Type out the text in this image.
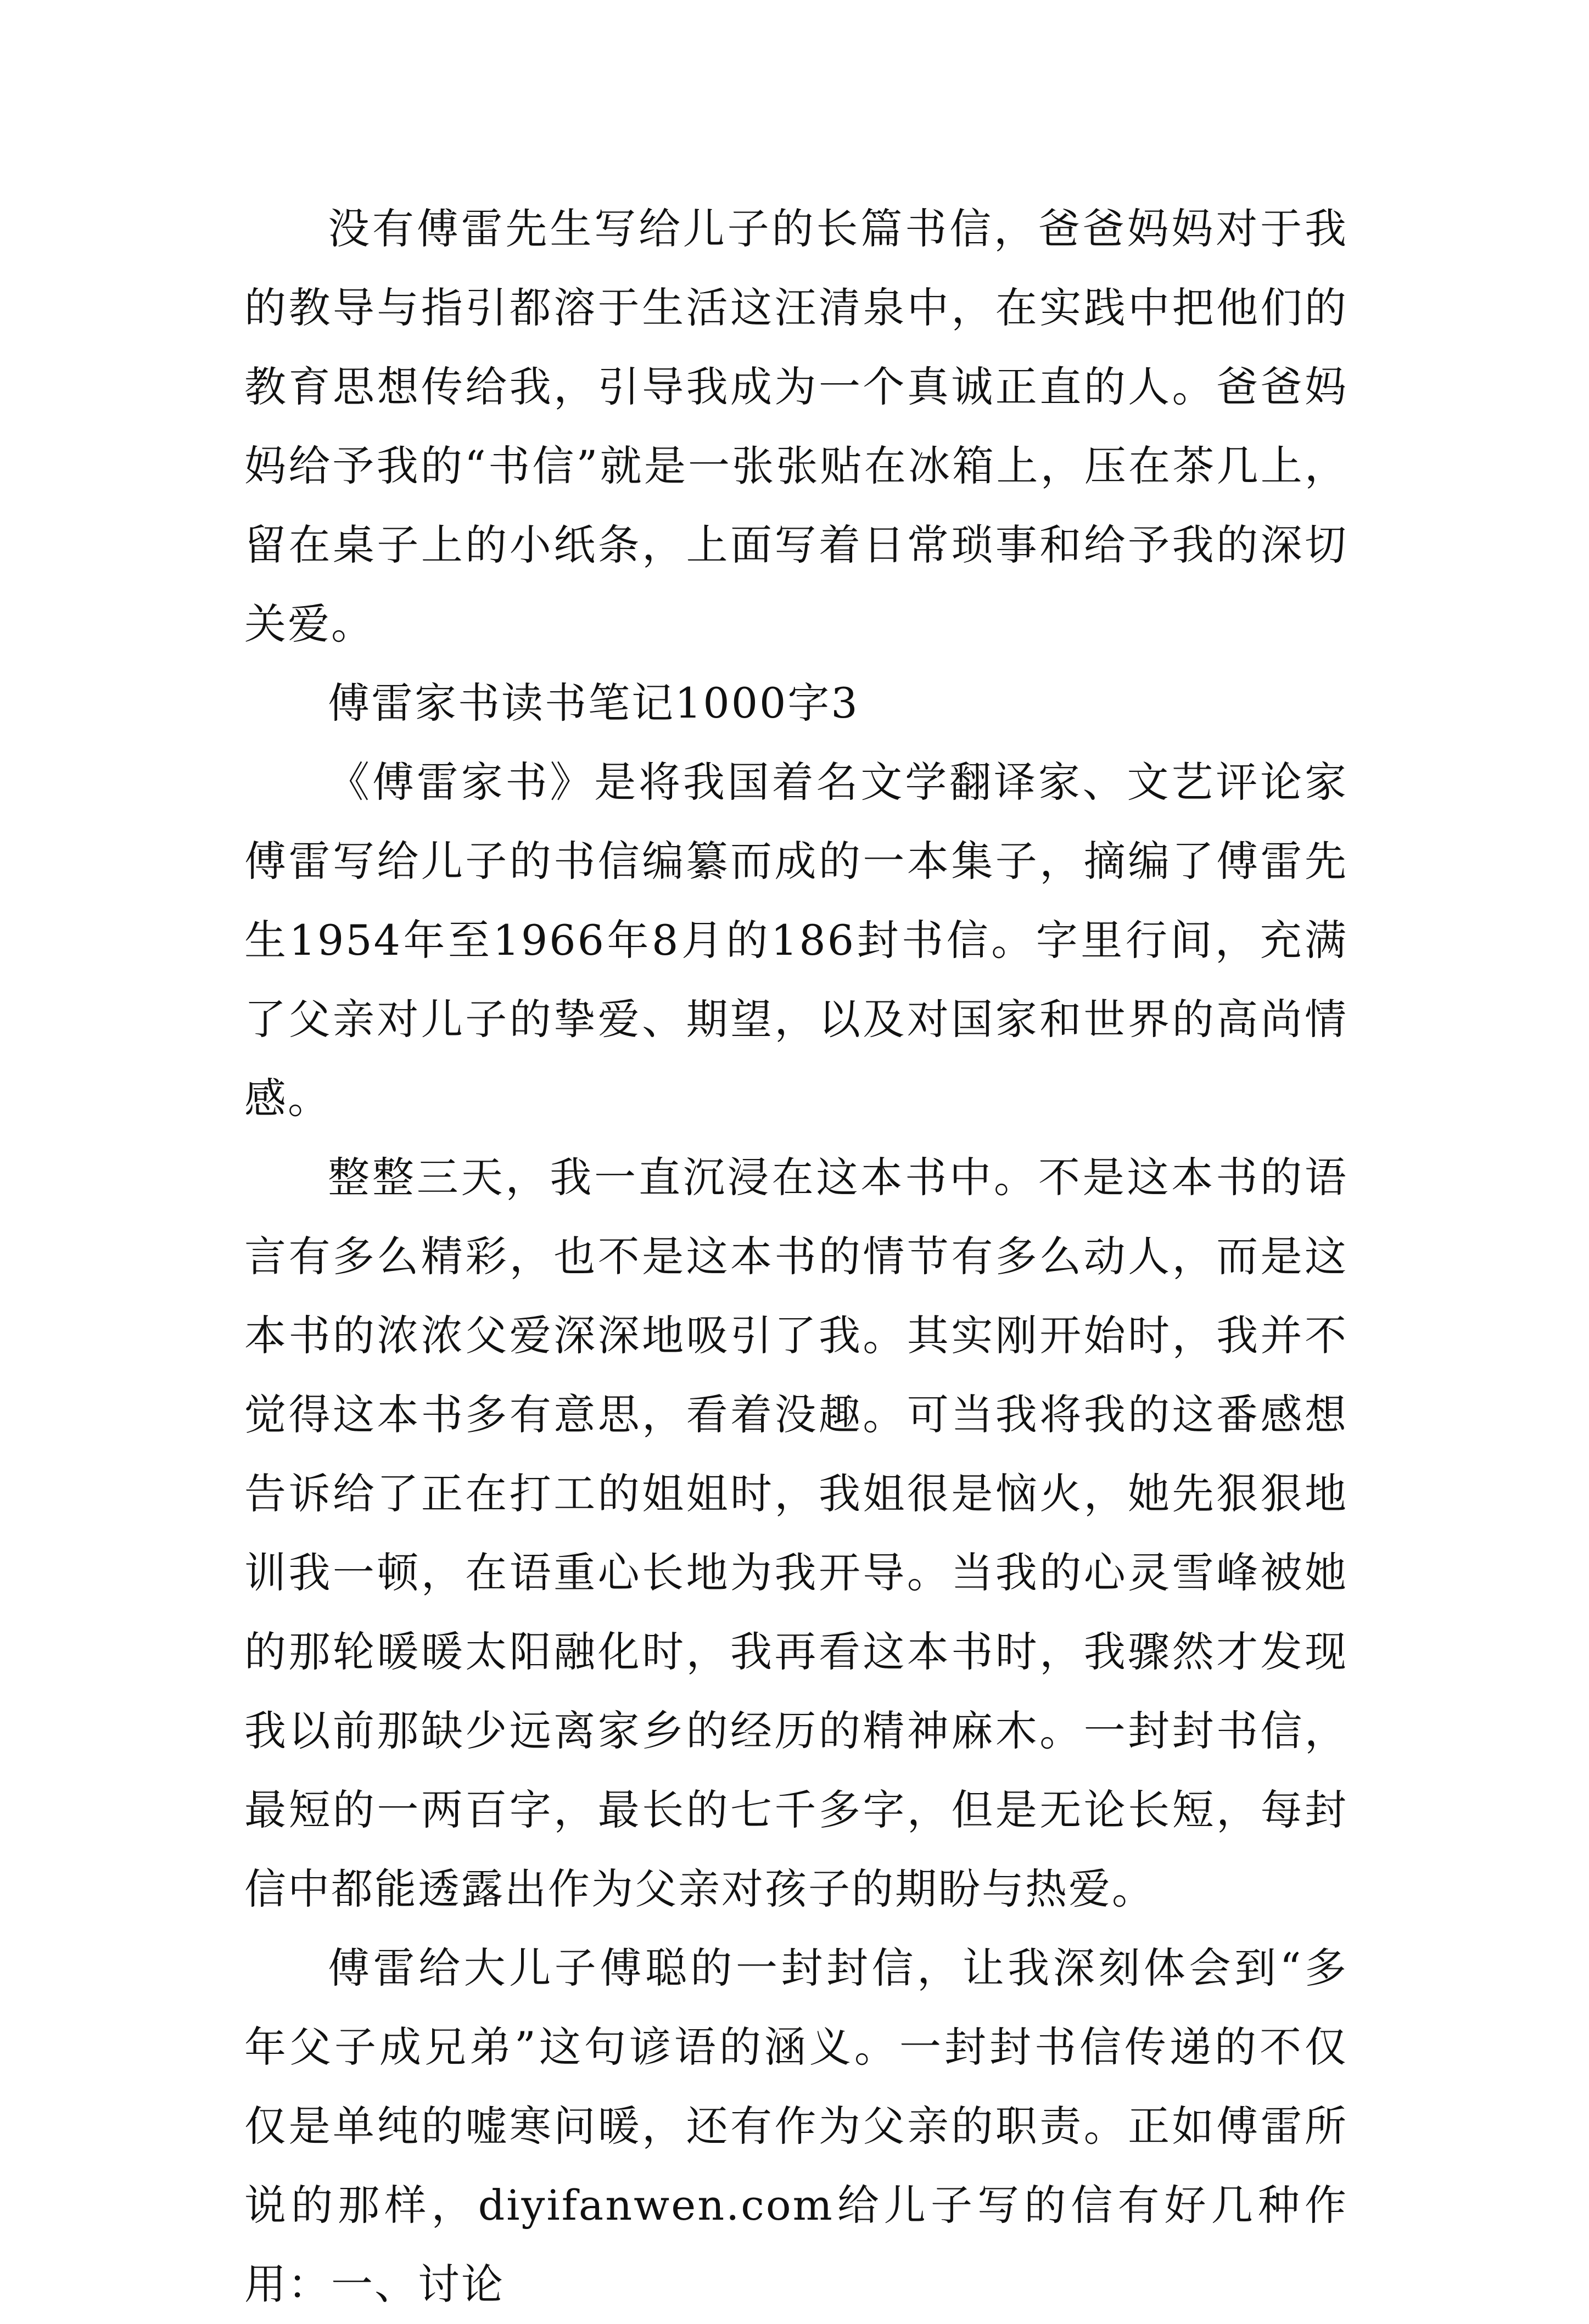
没有傅雷先生写给儿子的长篇书信，爸爸妈妈对于我的教导与指引都溶于生活这汪清泉中，在实践中把他们的教育思想传给我，引导我成为一个真诚正直的人。爸爸妈妈给予我的“书信”就是一张张贴在冰箱上，压在茶几上，留在桌子上的小纸条，上面写着日常琐事和给予我的深切关爱。

傅雷家书读书笔记1000字3

《傅雷家书》是将我国着名文学翻译家、文艺评论家傅雷写给儿子的书信编纂而成的一本集子，摘编了傅雷先生1954年至1966年8月的186封书信。字里行间，充满了父亲对儿子的挚爱、期望，以及对国家和世界的高尚情感。

整整三天，我一直沉浸在这本书中。不是这本书的语言有多么精彩，也不是这本书的情节有多么动人，而是这本书的浓浓父爱深深地吸引了我。其实刚开始时，我并不觉得这本书多有意思，看着没趣。可当我将我的这番感想告诉给了正在打工的姐姐时，我姐很是恼火，她先狠狠地训我一顿，在语重心长地为我开导。当我的心灵雪峰被她的那轮暖暖太阳融化时，我再看这本书时，我骤然才发现我以前那缺少远离家乡的经历的精神麻木。一封封书信，最短的一两百字，最长的七千多字，但是无论长短，每封信中都能透露出作为父亲对孩子的期盼与热爱。

傅雷给大儿子傅聪的一封封信，让我深刻体会到“多年父子成兄弟”这句谚语的涵义。一封封书信传递的不仅仅是单纯的嘘寒问暖，还有作为父亲的职责。正如傅雷所说的那样，diyifanwen.com给儿子写的信有好几种作用：一、讨论
